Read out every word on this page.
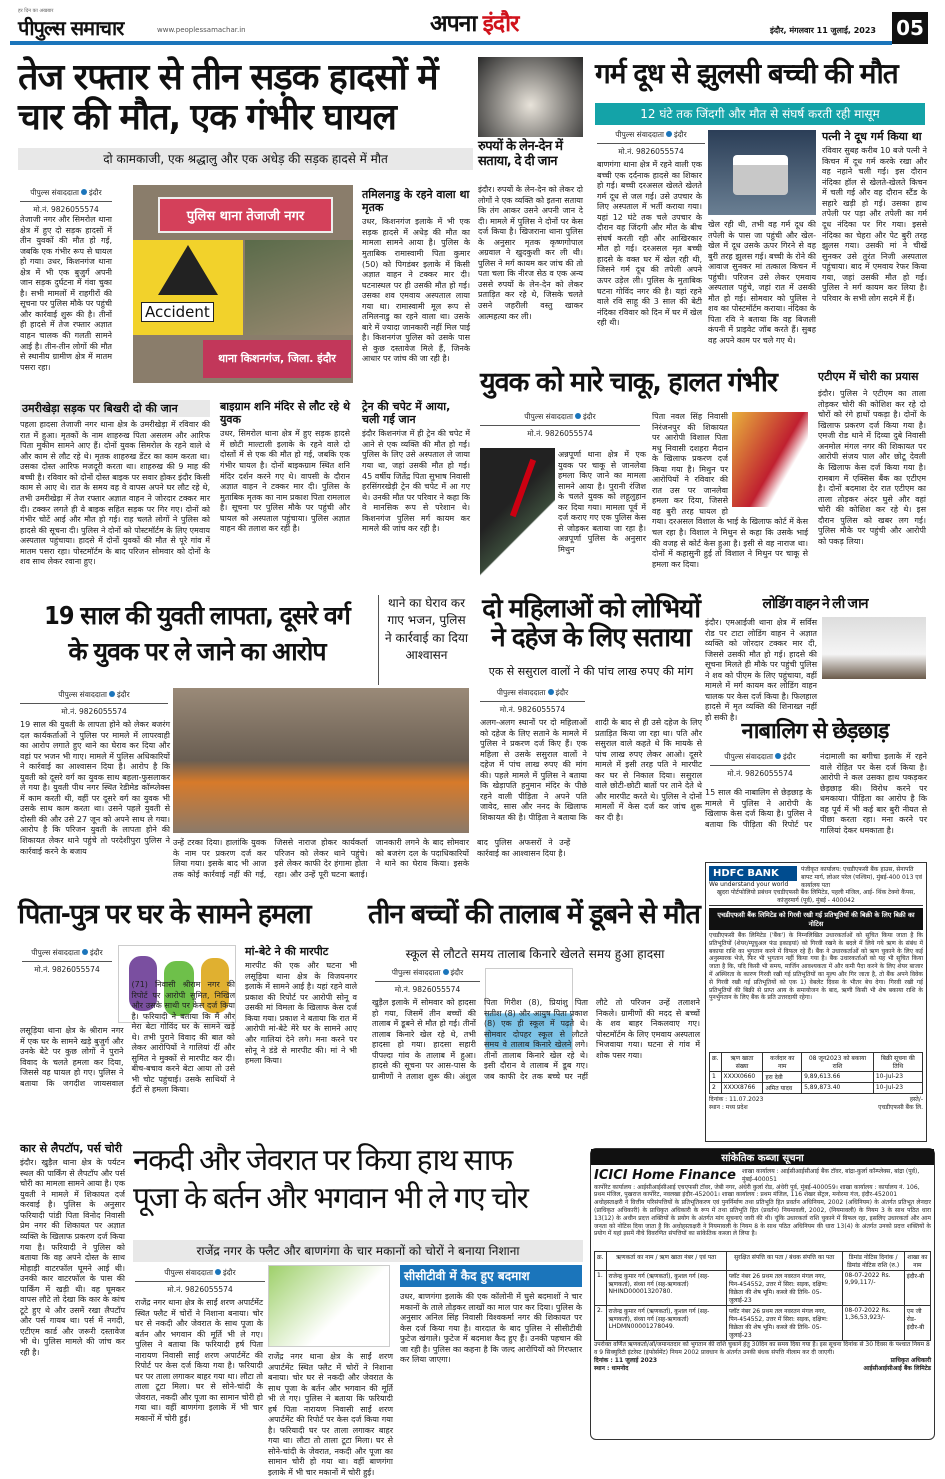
हर दिन का अखबार
पीपुल्स समाचार	www.peoplessamachar.in	अपना इंदौर	इंदौर, मंगलवार 11 जुलाई, 2023 05
तेज रफ्तार से तीन सड़क हादसों में
चार की मौत, एक गंभीर घायल
दो कामकाजी, एक श्रद्धालु और एक अधेड़ की सड़क हादसे में मौत
पीपुल्स संवाददाता इंदौर
मो.नं. 9826055574
तेजाजी नगर और सिमरोल थाना क्षेत्र में हुए दो सड़क हादसों में तीन युवकों की मौत हो गई, जबकि एक गंभीर रूप से घायल हो गया। उधर, किशनगंज थाना क्षेत्र में भी एक बुजुर्ग अपनी जान सड़क दुर्घटना में गंवा चुका है। सभी मामलों में राहगीरों की सूचना पर पुलिस मौके पर पहुंची और कार्रवाई शुरू की है। तीनों ही हादसे में तेज रफ्तार अज्ञात वाहन चालक की गलती सामने आई है। तीन-तीन लोगों की मौत से स्थानीय ग्रामीण क्षेत्र में मातम पसरा रहा।
पुलिस थाना तेजाजी नगर
Accident
थाना किशनगंज, जिला. इंदौर
तमिलनाडु के रहने वाला था मृतक
उधर, किशनगंज इलाके में भी एक सड़क हादसे में अधेड़ की मौत का मामला सामने आया है। पुलिस के मुताबिक रामास्वामी पिता कुमार (50) को पिगडंबर इलाके में किसी अज्ञात वाहन ने टक्कर मार दी। घटनास्थल पर ही उसकी मौत हो गई। उसका शव एमवाय अस्पताल लाया गया था। रामास्वामी मूल रूप से तमिलनाडु का रहने वाला था। उसके बारे में ज्यादा जानकारी नहीं मिल पाई है। किशनगंज पुलिस को उसके पास से कुछ दस्तावेज मिले हैं, जिनके आधार पर जांच की जा रही है।
उमरीखेड़ा सड़क पर बिखरी दो की जान
पहला हादसा तेजाजी नगर थाना क्षेत्र के उमरीखेड़ा में रविवार की रात में हुआ। मृतकों के नाम शाहरुख पिता असलम और आरिफ पिता मुकीम सामने आए हैं। दोनों युवक सिमरोल के रहने वाले थे और काम से लौट रहे थे। मृतक शाहरुख डेंटर का काम करता था। उसका दोस्त आरिफ मजदूरी करता था। शाहरुख की 9 माह की बच्ची है। रविवार को दोनों दोस्त बाइक पर सवार होकर इंदौर किसी काम से आए थे। रात के समय वह वे वापस अपने घर लौट रहे थे, तभी उमरीखेड़ा में तेज रफ्तार अज्ञात वाहन ने जोरदार टक्कर मार दी। टक्कर लगते ही वे बाइक सहित सड़क पर गिर गए। दोनों को गंभीर चोटें आई और मौत हो गई। राह चलते लोगों ने पुलिस को हादसे की सूचना दी। पुलिस ने दोनों को पोस्टमॉर्टम के लिए एमवाय अस्पताल पहुंचाया। हादसे में दोनों युवकों की मौत से पूरे गांव में मातम पसरा रहा। पोस्टमॉर्टम के बाद परिजन सोमवार को दोनों के शव साथ लेकर रवाना हुए।
बाइग्राम शनि मंदिर से लौट रहे थे युवक
उधर, सिमरोल थाना क्षेत्र में हुए सड़क हादसे में छोटी माल्टाली इलाके के रहने वाले दो दोस्तों में से एक की मौत हो गई, जबकि एक गंभीर घायल है। दोनों बाइकग्राम स्थित शनि मंदिर दर्शन करने गए थे। वापसी के दौरान अज्ञात वाहन ने टक्कर मार दी। पुलिस के मुताबिक मृतक का नाम प्रकाश पिता रामलाल है। सूचना पर पुलिस मौके पर पहुंची और घायल को अस्पताल पहुंचाया। पुलिस अज्ञात वाहन की तलाश कर रही है।
ट्रेन की चपेट में आया, चली गई जान
इंदौर किशनगंज में ही ट्रेन की चपेट में आने से एक व्यक्ति की मौत हो गई। पुलिस के लिए उसे अस्पताल ले जाया गया था, जहां उसकी मौत हो गई। 45 वर्षीय जितेंद्र पिता सुभाष निवासी हरसिंगरखेड़ी ट्रेन की चपेट में आ गए थे। उनकी मौत पर परिवार ने कहा कि वे मानसिक रूप से परेशान थे। किशनगंज पुलिस मर्ग कायम कर मामले की जांच कर रही है।
रुपयों के लेन-देन में सताया, दे दी जान
इंदौर। रुपयों के लेन-देन को लेकर दो लोगों ने एक व्यक्ति को इतना सताया कि तंग आकर उसने अपनी जान दे दी। मामले में पुलिस ने दोनों पर केस दर्ज किया है। खिजराना थाना पुलिस के अनुसार मृतक कृष्णगोपाल अग्रवाल ने खुदकुशी कर ली थी। पुलिस ने मर्ग कायम कर जांच की तो पता चला कि नीरज सेठ व एक अन्य उससे रुपयों के लेन-देन को लेकर प्रताड़ित कर रहे थे, जिसके चलते उसने जहरीली वस्तु खाकर आत्महत्या कर ली।
गर्म दूध से झुलसी बच्ची की मौत
12 घंटे तक जिंदगी और मौत से संघर्ष करती रही मासूम
पीपुल्स संवाददाता इंदौर
मो.नं. 9826055574
बाणगंगा थाना क्षेत्र में रहने वाली एक बच्ची एक दर्दनाक हादसे का शिकार हो गई। बच्ची दरअसल खेलते खेलते गर्म दूध से जल गई। उसे उपचार के लिए अस्पताल में भर्ती कराया गया। यहां 12 घंटे तक चले उपचार के दौरान वह जिंदगी और मौत के बीच संघर्ष करती रही और आखिरकार मौत हो गई। दरअसल मृत बच्ची हादसे के वक्त घर में खेल रही थी, जिसने गर्म दूध की तपेली अपने ऊपर उड़ेल ली। पुलिस के मुताबिक घटना गोविंद नगर की है। यहां रहने वाले रवि साहू की 3 साल की बेटी नंदिका रविवार को दिन में घर में खेल रही थी।
खेल रही थी, तभी वह गर्म दूध की तपेली के पास जा पहुंची और खेल-खेल में दूध उसके ऊपर गिरने से वह बुरी तरह झुलस गई। बच्ची के रोने की आवाज सुनकर मां तत्काल किचन में पहुंची। परिजन उसे लेकर एमवाय अस्पताल पहुंचे, जहां रात में उसकी मौत हो गई। सोमवार को पुलिस ने शव का पोस्टमॉर्टम कराया। नंदिका के पिता रवि ने बताया कि वह बिजली कंपनी में प्राइवेट जॉब करते हैं। सुबह वह अपने काम पर चले गए थे।
पत्नी ने दूध गर्म किया था
रविवार सुबह करीब 10 बजे पत्नी ने किचन में दूध गर्म करके रखा और वह नहाने चली गई। इस दौरान नंदिका हॉल से खेलते-खेलते किचन में चली गई और वह दौरान स्टैंड के सहारे खड़ी हो गई। उसका हाथ तपेली पर पड़ा और तपेली का गर्म दूध नंदिका पर गिर गया। इससे नंदिका का चेहरा और पेट बुरी तरह झुलस गया। उसकी मां ने चीखें सुनकर उसे तुरंत निजी अस्पताल पहुंचाया। बाद में एमवाय रेफर किया गया, जहां उसकी मौत हो गई। पुलिस ने मर्ग कायम कर लिया है। परिवार के सभी लोग सदमे में हैं।
युवक को मारे चाकू, हालत गंभीर
पीपुल्स संवाददाता इंदौर
मो.नं. 9826055574
अन्नपूर्णा थाना क्षेत्र में एक युवक पर चाकू से जानलेवा हमला किए जाने का मामला सामने आया है। पुरानी रंजिश के चलते युवक को लहूलुहान कर दिया गया। मामला पूर्व में दर्ज कराए गए एक पुलिस केस से जोड़कर बताया जा रहा है। अन्नपूर्णा पुलिस के अनुसार मिथुन
पिता नवल सिंह निवासी निरंजनपुर की शिकायत पर आरोपी विशाल पिता मधु निवासी दशहरा मैदान के खिलाफ प्रकरण दर्ज किया गया है। मिथुन पर आरोपियों ने रविवार की रात उस पर जानलेवा हमला कर दिया, जिससे वह बुरी तरह घायल हो गया। दरअसल विशाल के भाई के खिलाफ कोर्ट में केस चल रहा है। विशाल ने मिथुन से कहा कि उसके भाई की वजह से कोर्ट केस हुआ है। इसी से वह नाराज था। दोनों में कहासुनी हुई तो विशाल ने मिथुन पर चाकू से हमला कर दिया।
एटीएम में चोरी का प्रयास
इंदौर। पुलिस ने एटीएम का ताला तोड़कर चोरी की कोशिश कर रहे दो चोरों को रंगे हाथों पकड़ा है। दोनों के खिलाफ प्रकरण दर्ज किया गया है। एमजी रोड थाने में दिव्या दुबे निवासी अनमोल मंगल नगर की शिकायत पर आरोपी संजय पाल और छोटू देवली के खिलाफ केस दर्ज किया गया है। रामबाग में एक्सिस बैंक का एटीएम है। दोनों बदमाश देर रात एटीएम का ताला तोड़कर अंदर घुसे और वहां चोरी की कोशिश कर रहे थे। इस दौरान पुलिस को खबर लग गई। पुलिस मौके पर पहुंची और आरोपी को पकड़ लिया।
19 साल की युवती लापता, दूसरे वर्ग
के युवक पर ले जाने का आरोप
थाने का घेराव कर गाए भजन, पुलिस ने कार्रवाई का दिया आश्वासन
पीपुल्स संवाददाता इंदौर
मो.नं. 9826055574
19 साल की युवती के लापता होने को लेकर बजरंग दल कार्यकर्ताओं ने पुलिस पर मामले में लापरवाही का आरोप लगाते हुए थाने का घेराव कर दिया और वहां पर भजन भी गाए। मामले में पुलिस अधिकारियों ने कार्रवाई का आश्वासन दिया है। आरोप है कि युवती को दूसरे वर्ग का युवक साथ बहला-फुसलाकर ले गया है। युवती पीथ नगर स्थित रेडीमेड कॉम्प्लेक्स में काम करती थी, वहीं पर दूसरे वर्ग का युवक भी उसके साथ काम करता था। उसने पहले युवती से दोस्ती की और उसे 27 जून को अपने साथ ले गया। आरोप है कि परिजन युवती के लापता होने की शिकायत लेकर थाने पहुंचे तो परदेशीपुरा पुलिस ने कार्रवाई करने के बजाय
उन्हें टरका दिया। हालांकि युवक के नाम पर प्रकरण दर्ज कर लिया गया। इसके बाद भी आज तक कोई कार्रवाई नहीं की गई, जिससे नाराज होकर कार्यकर्ता परिजन को लेकर थाने पहुंचे। इसे लेकर काफी देर हंगामा होता रहा। और उन्हें पूरी घटना बताई। जानकारी लगने के बाद सोमवार को बजरंग दल के पदाधिकारियों ने थाने का घेराव किया। इसके बाद पुलिस अफसरों ने उन्हें कार्रवाई का आश्वासन दिया है।
दो महिलाओं को लोभियों ने दहेज के लिए सताया
एक से ससुराल वालों ने की पांच लाख रुपए की मांग
पीपुल्स संवाददाता इंदौर
मो.नं. 9826055574
अलग-अलग स्थानों पर दो महिलाओं को दहेज के लिए सताने के मामले में पुलिस ने प्रकरण दर्ज किए हैं। एक महिला से उसके ससुराल वालों ने दहेज में पांच लाख रुपए की मांग की। पहले मामले में पुलिस ने बताया कि खेड़ापति हनुमान मंदिर के पीछे रहने वाली पीड़िता ने अपने पति जावेद, सास और ननद के खिलाफ शिकायत की है। पीड़िता ने बताया कि शादी के बाद से ही उसे दहेज के लिए प्रताड़ित किया जा रहा था। पति और ससुराल वाले कहते थे कि मायके से पांच लाख रुपए लेकर आओ। दूसरे मामले में इसी तरह पति ने मारपीट कर घर से निकाल दिया। ससुराल वाले छोटी-छोटी बातों पर ताने देते थे और मारपीट करते थे। पुलिस ने दोनों मामलों में केस दर्ज कर जांच शुरू कर दी है।
लोडिंग वाहन ने ली जान
इंदौर। एमआईजी थाना क्षेत्र में सर्विस रोड पर टाटा लोडिंग वाहन ने अज्ञात व्यक्ति को जोरदार टक्कर मार दी, जिससे उसकी मौत हो गई। हादसे की सूचना मिलते ही मौके पर पहुंची पुलिस ने शव को पीएम के लिए पहुंचाया, वहीं मामले में मर्ग कायम कर लोडिंग वाहन चालक पर केस दर्ज किया है। फिलहाल हादसे में मृत व्यक्ति की शिनाख्त नहीं हो सकी है।
नाबालिग से छेड़छाड़
पीपुल्स संवाददाता इंदौर
मो.नं. 9826055574
15 साल की नाबालिग से छेड़छाड़ के मामले में पुलिस ने आरोपी के खिलाफ केस दर्ज किया है। पुलिस ने बताया कि पीड़िता की रिपोर्ट पर नंदामाली का बगीचा इलाके में रहने वाले रोहित पर केस दर्ज किया है। आरोपी ने कल उसका हाथ पकड़कर छेड़छाड़ की। विरोध करने पर धमकाया। पीड़िता का आरोप है कि वह पूर्व में भी कई बार बुरी नीयत से पीछा करता रहा। मना करने पर गालियां देकर धमकाता है।
HDFC BANK
We understand your world
पंजीकृत कार्यालय: एचडीएफसी बैंक हाउस, सेनापति बापट मार्ग, लोअर परेल (पश्चिम), मुंबई-400 013 एवं कार्यालय पता
खुदरा पोर्टफोलियो प्रबंधन एचडीएफसी बैंक लिमिटेड, पहली मंजिल, आई- थिंक टेक्नो कैंपस, कांजुरमार्ग (पूर्व), मुंबई - 400042
एचडीएफसी बैंक लिमिटेड को गिरवी रखी गई प्रतिभूतियों की बिक्री के लिए बिक्री का नोटिस
एचडीएफसी बैंक लिमिटेड ('बैंक') के निम्नलिखित उधारकर्ताओं को सूचित किया जाता है कि प्रतिभूतियों (शेयर/म्यूचुअल फंड इकाइयां) को गिरवी रखने के बदले में लिये गये ऋण के संबंध में बकाया राशि का भुगतान करने में विफल रहे हैं। बैंक ने उधारकर्ताओं को ऋण चुकाने के लिए कई अनुस्मारक भेजे, फिर भी भुगतान नहीं किया गया है। बैंक उधारकर्ताओं को यह भी सूचित किया जाता है कि, यदि किसी भी समय, मार्जिन आवश्यकता में और कमी पैदा करने के लिए शेयर बाजार में अस्थिरता के कारण गिरवी रखी गई प्रतिभूतियों का मूल्य और गिर जाता है, तो बैंक अपने विवेक से गिरवी रखी गई प्रतिभूतियों को एक 1) वेबलेट दिवस के भीतर बेच देगा। गिरवी रखी गई प्रतिभूतियों की बिक्री से प्राप्त आय के समायोजन के बाद, ऋणी किसी भी शेष बकाया राशि के पुनर्भुगतान के लिए बैंक के प्रति उत्तरदायी रहेगा।
क्र.	ऋण खाता संख्या	कर्जदार का नाम	08 जून2023 को बकाया राशि	बिक्री सूचना की तिथि
1	XXXX0660	हरा देवी	9,89,613.66	10-Jul-23
2	XXXX8766	अमित यादव	5,89,873.40	10-Jul-23
दिनांक : 11.07.2023	हस्ते/-
स्थान : मध्य प्रदेश	एचडीएफसी बैंक लि.
पिता-पुत्र पर घर के सामने हमला
पीपुल्स संवाददाता इंदौर
मो.नं. 9826055574
लसूड़िया थाना क्षेत्र के श्रीराम नगर में एक घर के सामने खड़े बुजुर्ग और उनके बेटे पर कुछ लोगों ने पुराने विवाद के चलते हमला कर दिया, जिससे वह घायल हो गए। पुलिस ने बताया कि जगदीश जायसवाल (71) निवासी श्रीराम नगर की रिपोर्ट पर आरोपी सुमित, निखिल और उसके साथी पर केस दर्ज किया है। फरियादी ने बताया कि मैं और मेरा बेटा गोविंद घर के सामने खड़े थे। तभी पुराने विवाद की बात को लेकर आरोपियों ने गालियां दीं और सुमित ने मुक्कों से मारपीट कर दी। बीच-बचाव करने बेटा आया तो उसे भी चोट पहुंचाई। उसके साथियों ने ईंटों से हमला किया।
मां-बेटे ने की मारपीट
मारपीट की एक और घटना भी लसूड़िया थाना क्षेत्र के विजयनगर इलाके में सामने आई है। यहां रहने वाले प्रकाश की रिपोर्ट पर आरोपी सोनू व उसकी मां विमला के खिलाफ केस दर्ज किया गया। प्रकाश ने बताया कि रात में आरोपी मां-बेटे मेरे घर के सामने आए और गालियां देने लगे। मना करने पर सोनू ने डंडे से मारपीट की। मां ने भी हमला किया।
तीन बच्चों की तालाब में डूबने से मौत
स्कूल से लौटते समय तालाब किनारे खेलते समय हुआ हादसा
पीपुल्स संवाददाता इंदौर
मो.नं. 9826055574
खुड़ैल इलाके में सोमवार को हादसा हो गया, जिसमें तीन बच्चों की तालाब में डूबने से मौत हो गई। तीनों तालाब किनारे खेल रहे थे, तभी हादसा हो गया। हादसा सहारी पीपल्दा गांव के तालाब में हुआ। हादसे की सूचना पर आस-पास के ग्रामीणों ने तलाश शुरू की। अंशुल पिता गिरीश (8), प्रियांशु पिता सतीश (8) और आयुष पिता प्रकाश (8) एक ही स्कूल में पढ़ते थे। सोमवार दोपहर स्कूल से लौटते समय वे तालाब किनारे खेलने लगे। तीनों तालाब किनारे खेल रहे थे। इसी दौरान वे तालाब में डूब गए। जब काफी देर तक बच्चे घर नहीं लौटे तो परिजन उन्हें तलाशने निकले। ग्रामीणों की मदद से बच्चों के शव बाहर निकलवाए गए। पोस्टमॉर्टम के लिए एमवाय अस्पताल भिजवाया गया। घटना से गांव में शोक पसर गया।
कार से लैपटॉप, पर्स चोरी
इंदौर। खुड़ैल थाना क्षेत्र के पर्यटन स्थल की पार्किंग से लैपटॉप और पर्स चोरी का मामला सामने आया है। एक युवती ने मामले में शिकायत दर्ज करवाई है। पुलिस के अनुसार फरियादी पांडी पिता विनोद निवासी प्रेम नगर की शिकायत पर अज्ञात व्यक्ति के खिलाफ प्रकरण दर्ज किया गया है। फरियादी ने पुलिस को बताया कि वह अपने दोस्त के साथ मोहाड़ी वाटरफॉल घूमने आई थी। उनकी कार वाटरफॉल के पास की पार्किंग में खड़ी थी। वह घूमकर वापस लौटे तो देखा कि कार के कांच टूटे हुए थे और उसमें रखा लैपटॉप और पर्स गायब था। पर्स में नगदी, एटीएम कार्ड और जरूरी दस्तावेज भी थे। पुलिस मामले की जांच कर रही है।
नकदी और जेवरात पर किया हाथ साफ
पूजा के बर्तन और भगवान भी ले गए चोर
राजेंद्र नगर के फ्लैट और बाणगंगा के चार मकानों को चोरों ने बनाया निशाना
पीपुल्स संवाददाता इंदौर
मो.नं. 9826055574
सीसीटीवी में कैद हुए बदमाश
उधर, बाणगंगा इलाके की एक कॉलोनी में घुसे बदमाशों ने चार मकानों के ताले तोड़कर लाखों का माल पार कर दिया। पुलिस के अनुसार अनिल सिंह निवासी विश्वकर्मा नगर की शिकायत पर केस दर्ज किया गया है। वारदात के बाद पुलिस ने सीसीटीवी फुटेज खंगाले। फुटेज में बदमाश कैद हुए हैं। उनकी पहचान की जा रही है। पुलिस का कहना है कि जल्द आरोपियों को गिरफ्तार कर लिया जाएगा।
राजेंद्र नगर थाना क्षेत्र के साईं शरण अपार्टमेंट स्थित फ्लैट में चोरों ने निशाना बनाया। चोर घर से नकदी और जेवरात के साथ पूजा के बर्तन और भगवान की मूर्ति भी ले गए। पुलिस ने बताया कि फरियादी हर्ष पिता नारायण निवासी साईं शरण अपार्टमेंट की रिपोर्ट पर केस दर्ज किया गया है। फरियादी घर पर ताला लगाकर बाहर गया था। लौटा तो ताला टूटा मिला। घर से सोने-चांदी के जेवरात, नकदी और पूजा का सामान चोरी हो गया था। वहीं बाणगंगा इलाके में भी चार मकानों में चोरी हुई।
राजेंद्र नगर थाना क्षेत्र के साईं शरण अपार्टमेंट स्थित फ्लैट में चोरों ने निशाना बनाया। चोर घर से नकदी और जेवरात के साथ पूजा के बर्तन और भगवान की मूर्ति भी ले गए। पुलिस ने बताया कि फरियादी हर्ष पिता नारायण निवासी साईं शरण अपार्टमेंट की रिपोर्ट पर केस दर्ज किया गया है। फरियादी घर पर ताला लगाकर बाहर गया था। लौटा तो ताला टूटा मिला। घर से सोने-चांदी के जेवरात, नकदी और पूजा का सामान चोरी हो गया था। वहीं बाणगंगा इलाके में भी चार मकानों में चोरी हुई।
सांकेतिक कब्जा सूचना
ICICI Home Finance शाखा कार्यालय : आईसीआईसीआई बैंक टॉवर, बांद्रा-कुर्ला कॉम्प्लेक्स, बांद्रा (पूर्व), मुंबई-400051
कार्पोरेट कार्यालय : आईसीआईसीआई एचएफसी टॉवर, जेबी नगर, अंधेरी कुर्ला रोड, अंधेरी पूर्व, मुंबई-400059। शाखा कार्यालय : कार्यालय नं. 106, प्रथम मंजिल, पुखराज कार्पोरेट, नवलखा इंदौर-452001। शाखा कार्यालय : प्रथम मंजिल, 116 शेखर सेंट्रल, मनोरमा गंज, इंदौर-452001
अधोहस्ताक्षरी ने वित्तीय परिसंपत्तियों के प्रतिभूतिकरण एवं पुनर्निर्माण तथा प्रतिभूति हित प्रवर्तन अधिनियम, 2002 (अधिनियम) के अंतर्गत प्रतिभूत लेनदार (प्राधिकृत अधिकारी) के प्राधिकृत अधिकारी के रूप में तथा प्रतिभूति हित (प्रवर्तन) नियमावली, 2002, (नियमावली) के नियम 3 के साथ पठित धारा 13(12) के अधीन प्रदत्त शक्तियों के प्रयोग के अंतर्गत मांग सूचनाएं जारी की थी। चूंकि उधारकर्ता राशि चुकाने में विफल रहा, इसलिए उधारकर्ता और आम जनता को नोटिस दिया जाता है कि अधोहस्ताक्षरी ने नियमावली के नियम 8 के साथ पठित अधिनियम की धारा 13(4) के अंतर्गत उनको प्रदत्त शक्तियों के प्रयोग में यहां इसमें नीचे विवरणित संपत्तियों का सांकेतिक कब्जा ले लिया है।
क्र.	ऋणकर्ता का नाम / ऋण खाता नंबर / एवं पता	सुरक्षित संपत्ति का पता / बंधक संपत्ति का पता	डिमांड नोटिस दिनांक / डिमांड नोटिस राशि (रु.)	शाखा का नाम
1.	राजेन्द्र कुमार गर्ग (ऋणकर्ता), कुशल गर्ग (सह-ऋणकर्ता), संध्या गर्ग (सह-ऋणकर्ता) NHIND00001320780.	प्लॉट नंबर 26 प्रथम तल नवरतन मंगल नगर, पिन-454552, उत्तर में सिरा: सड़क, दक्षिण: विक्रेता की शेष भूमि। कब्जे की तिथि- 05-जुलाई-23	08-07-2022 Rs. 9,99,117/-	इंदौर-बी
2.	राजेन्द्र कुमार गर्ग (ऋणकर्ता), कुशल गर्ग (सह-ऋणकर्ता), संध्या गर्ग (सह-ऋणकर्ता) LHDMN00001278049.	प्लॉट नंबर 26 प्रथम तल नवरतन मंगल नगर, पिन-454552, उत्तर में सिरा: सड़क, दक्षिण: विक्रेता की शेष भूमि। कब्जे की तिथि- 05-जुलाई-23	08-07-2022 Rs. 1,36,53,923/-	एम जी रोड- इंदौर-बी
उपरोक्त वर्णित ऋणकर्ता/ओं/जमानतदार को भुगतान की राशि चुकाने हेतु 30दिन का समय दिया गया है। इस सूचना दिनांक से 30 दिवस के पश्चात नियम 8 व 9 सिक्युरिटी इंटरेस्ट (इंफोर्समेंट) नियम 2002 प्रावधान के अंतर्गत उनकी बंधक संपत्ति नीलाम कर दी जाएगी।
दिनांक : 11 जुलाई 2023	प्राधिकृत अधिकारी
स्थान : धामनोद	आईसीआईसीआई बैंक लिमिटेड
